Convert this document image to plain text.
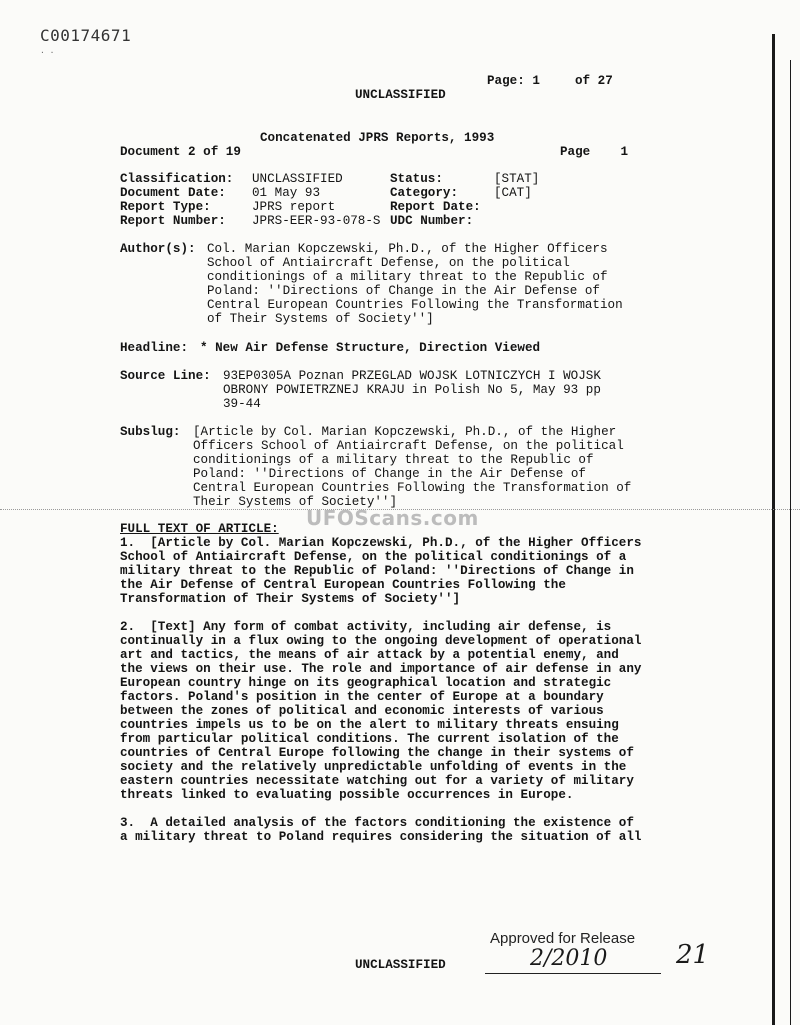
C00174671
· ·
Page: 1	of 27
UNCLASSIFIED
Concatenated JPRS Reports, 1993
Document 2 of 19	Page    1
Classification: UNCLASSIFIED	Status:	[STAT]
Document Date: 01 May 93	Category:	[CAT]
Report Type:	JPRS report	Report Date:
Report Number: JPRS-EER-93-078-S UDC Number:
Author(s): Col. Marian Kopczewski, Ph.D., of the Higher Officers
School of Antiaircraft Defense, on the political
conditionings of a military threat to the Republic of
Poland: ''Directions of Change in the Air Defense of
Central European Countries Following the Transformation
of Their Systems of Society'']
Headline: * New Air Defense Structure, Direction Viewed
Source Line: 93EP0305A Poznan PRZEGLAD WOJSK LOTNICZYCH I WOJSK
OBRONY POWIETRZNEJ KRAJU in Polish No 5, May 93 pp
39-44
Subslug: [Article by Col. Marian Kopczewski, Ph.D., of the Higher
Officers School of Antiaircraft Defense, on the political
conditionings of a military threat to the Republic of
Poland: ''Directions of Change in the Air Defense of
Central European Countries Following the Transformation of
Their Systems of Society'']
UFOScans.com
FULL TEXT OF ARTICLE:
1.  [Article by Col. Marian Kopczewski, Ph.D., of the Higher Officers
School of Antiaircraft Defense, on the political conditionings of a
military threat to the Republic of Poland: ''Directions of Change in
the Air Defense of Central European Countries Following the
Transformation of Their Systems of Society'']
2.  [Text] Any form of combat activity, including air defense, is
continually in a flux owing to the ongoing development of operational
art and tactics, the means of air attack by a potential enemy, and
the views on their use. The role and importance of air defense in any
European country hinge on its geographical location and strategic
factors. Poland's position in the center of Europe at a boundary
between the zones of political and economic interests of various
countries impels us to be on the alert to military threats ensuing
from particular political conditions. The current isolation of the
countries of Central Europe following the change in their systems of
society and the relatively unpredictable unfolding of events in the
eastern countries necessitate watching out for a variety of military
threats linked to evaluating possible occurrences in Europe.
3.  A detailed analysis of the factors conditioning the existence of
a military threat to Poland requires considering the situation of all
Approved for Release
2/2010
UNCLASSIFIED	21
